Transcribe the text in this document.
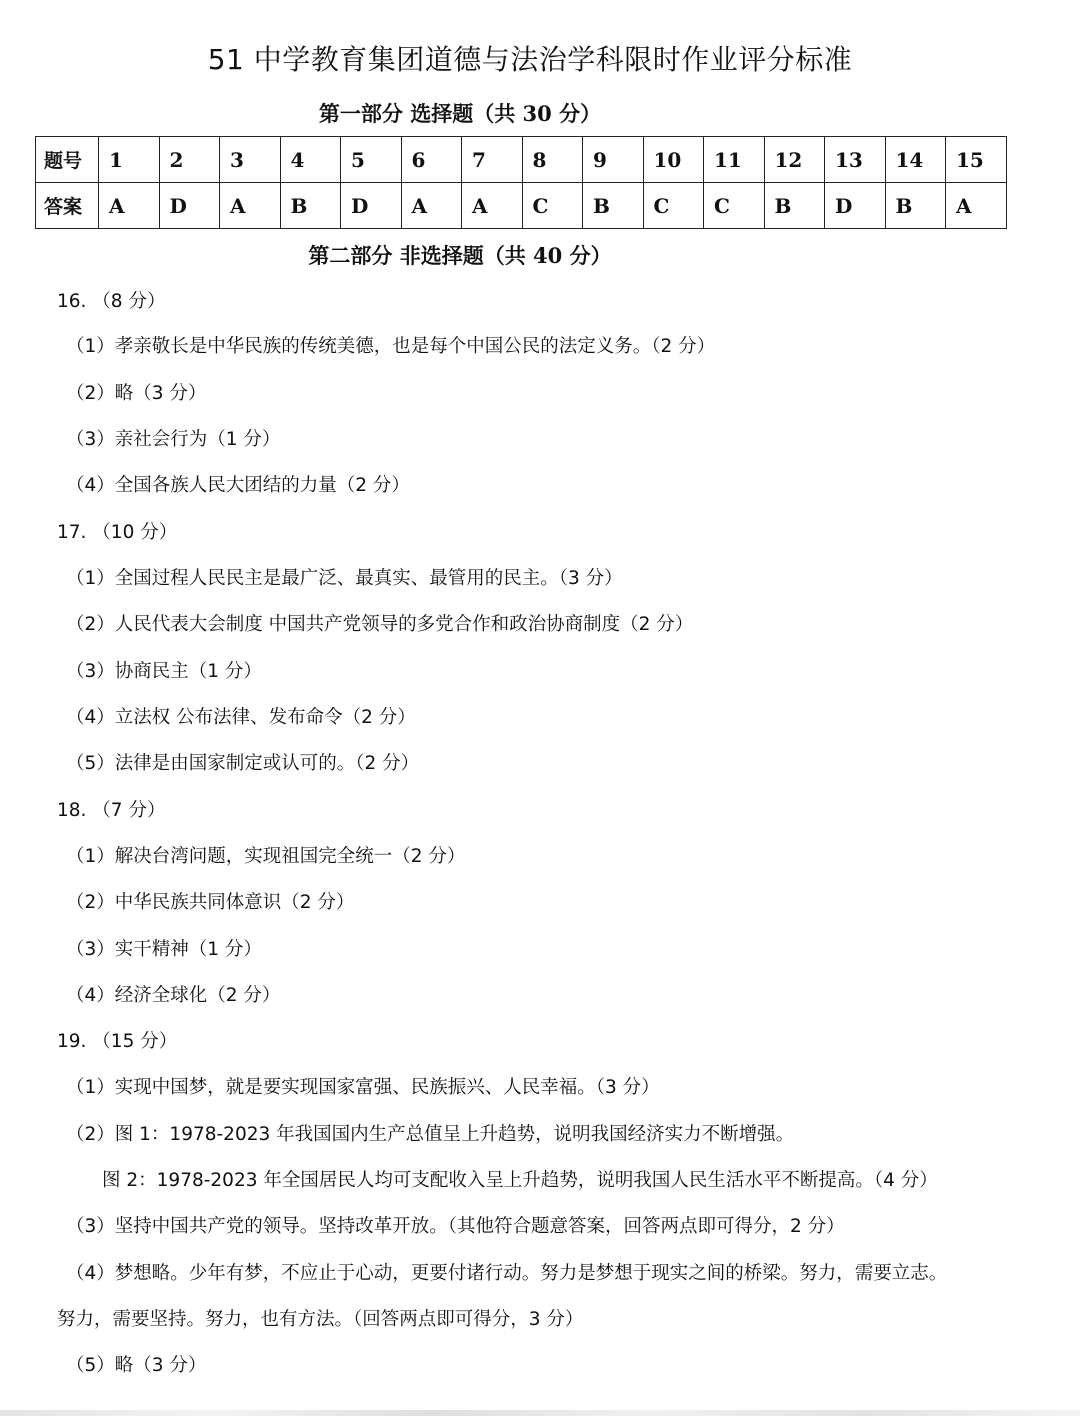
51 中学教育集团道德与法治学科限时作业评分标准
第一部分 选择题（共 30 分）
题号	1	2	3	4	5	6	7	8	9	10	11	12	13	14	15
答案	A	D	A	B	D	A	A	C	B	C	C	B	D	B	A
第二部分 非选择题（共 40 分）
16. （8 分）
（1）孝亲敬长是中华民族的传统美德，也是每个中国公民的法定义务。（2 分）
（2）略（3 分）
（3）亲社会行为（1 分）
（4）全国各族人民大团结的力量（2 分）
17. （10 分）
（1）全国过程人民民主是最广泛、最真实、最管用的民主。（3 分）
（2）人民代表大会制度 中国共产党领导的多党合作和政治协商制度（2 分）
（3）协商民主（1 分）
（4）立法权 公布法律、发布命令（2 分）
（5）法律是由国家制定或认可的。（2 分）
18. （7 分）
（1）解决台湾问题，实现祖国完全统一（2 分）
（2）中华民族共同体意识（2 分）
（3）实干精神（1 分）
（4）经济全球化（2 分）
19. （15 分）
（1）实现中国梦，就是要实现国家富强、民族振兴、人民幸福。（3 分）
（2）图 1：1978-2023 年我国国内生产总值呈上升趋势，说明我国经济实力不断增强。
图 2：1978-2023 年全国居民人均可支配收入呈上升趋势，说明我国人民生活水平不断提高。（4 分）
（3）坚持中国共产党的领导。坚持改革开放。（其他符合题意答案，回答两点即可得分，2 分）
（4）梦想略。少年有梦，不应止于心动，更要付诸行动。努力是梦想于现实之间的桥梁。努力，需要立志。
努力，需要坚持。努力，也有方法。（回答两点即可得分，3 分）
（5）略（3 分）
